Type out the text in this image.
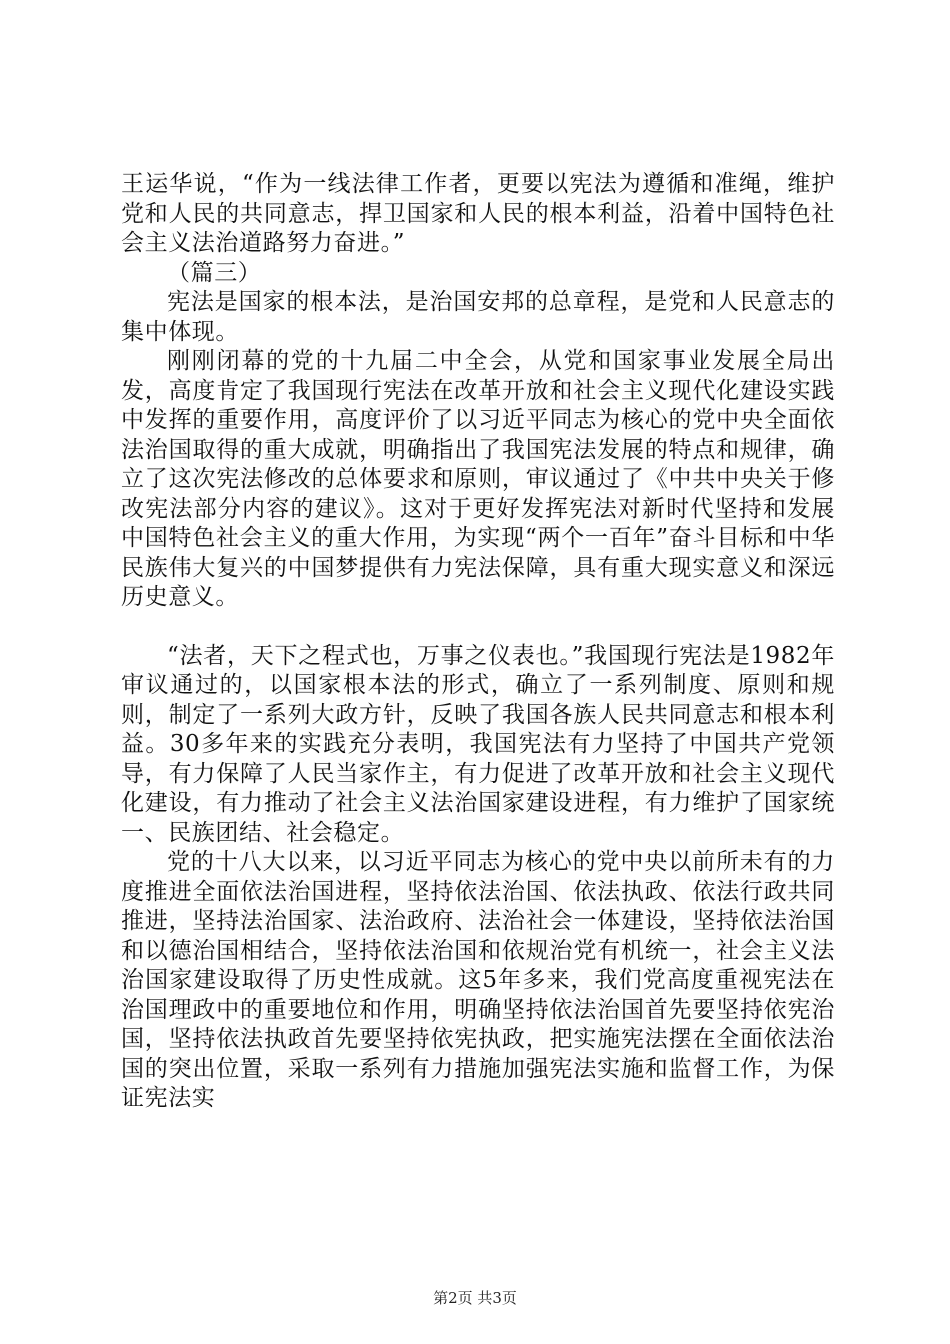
王运华说，“作为一线法律工作者，更要以宪法为遵循和准绳，维护党和人民的共同意志，捍卫国家和人民的根本利益，沿着中国特色社会主义法治道路努力奋进。”

（篇三）

宪法是国家的根本法，是治国安邦的总章程，是党和人民意志的集中体现。

刚刚闭幕的党的十九届二中全会，从党和国家事业发展全局出发，高度肯定了我国现行宪法在改革开放和社会主义现代化建设实践中发挥的重要作用，高度评价了以习近平同志为核心的党中央全面依法治国取得的重大成就，明确指出了我国宪法发展的特点和规律，确立了这次宪法修改的总体要求和原则，审议通过了《中共中央关于修改宪法部分内容的建议》。这对于更好发挥宪法对新时代坚持和发展中国特色社会主义的重大作用，为实现“两个一百年”奋斗目标和中华民族伟大复兴的中国梦提供有力宪法保障，具有重大现实意义和深远历史意义。

“法者，天下之程式也，万事之仪表也。”我国现行宪法是1982年审议通过的，以国家根本法的形式，确立了一系列制度、原则和规则，制定了一系列大政方针，反映了我国各族人民共同意志和根本利益。30多年来的实践充分表明，我国宪法有力坚持了中国共产党领导，有力保障了人民当家作主，有力促进了改革开放和社会主义现代化建设，有力推动了社会主义法治国家建设进程，有力维护了国家统一、民族团结、社会稳定。

党的十八大以来，以习近平同志为核心的党中央以前所未有的力度推进全面依法治国进程，坚持依法治国、依法执政、依法行政共同推进，坚持法治国家、法治政府、法治社会一体建设，坚持依法治国和以德治国相结合，坚持依法治国和依规治党有机统一，社会主义法治国家建设取得了历史性成就。这5年多来，我们党高度重视宪法在治国理政中的重要地位和作用，明确坚持依法治国首先要坚持依宪治国，坚持依法执政首先要坚持依宪执政，把实施宪法摆在全面依法治国的突出位置，采取一系列有力措施加强宪法实施和监督工作，为保证宪法实

第2页 共3页
